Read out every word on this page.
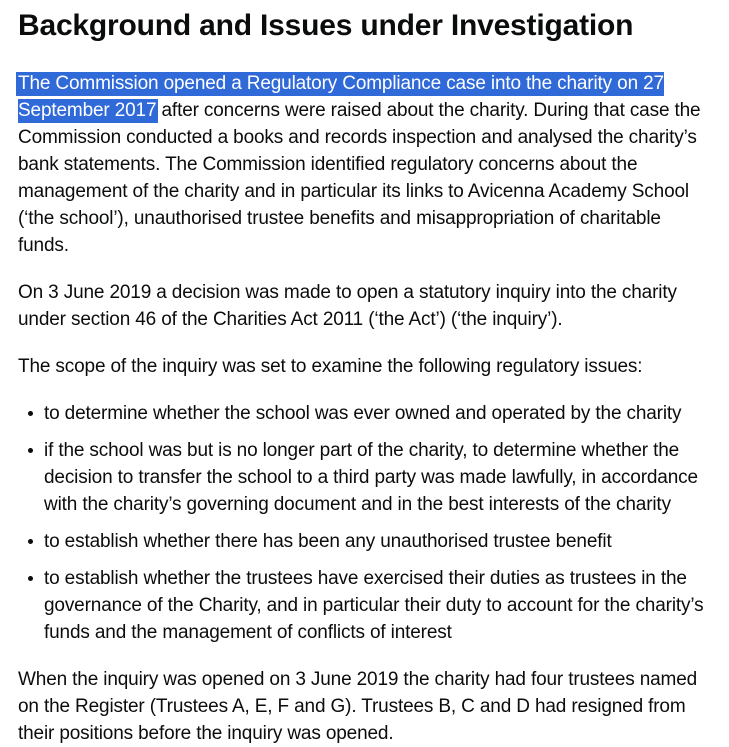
Background and Issues under Investigation

The Commission opened a Regulatory Compliance case into the charity on 27 September 2017 after concerns were raised about the charity. During that case the Commission conducted a books and records inspection and analysed the charity’s bank statements. The Commission identified regulatory concerns about the management of the charity and in particular its links to Avicenna Academy School (‘the school’), unauthorised trustee benefits and misappropriation of charitable funds.

On 3 June 2019 a decision was made to open a statutory inquiry into the charity under section 46 of the Charities Act 2011 (‘the Act’) (‘the inquiry’).

The scope of the inquiry was set to examine the following regulatory issues:

to determine whether the school was ever owned and operated by the charity
if the school was but is no longer part of the charity, to determine whether the decision to transfer the school to a third party was made lawfully, in accordance with the charity’s governing document and in the best interests of the charity
to establish whether there has been any unauthorised trustee benefit
to establish whether the trustees have exercised their duties as trustees in the governance of the Charity, and in particular their duty to account for the charity’s funds and the management of conflicts of interest

When the inquiry was opened on 3 June 2019 the charity had four trustees named on the Register (Trustees A, E, F and G). Trustees B, C and D had resigned from their positions before the inquiry was opened.
